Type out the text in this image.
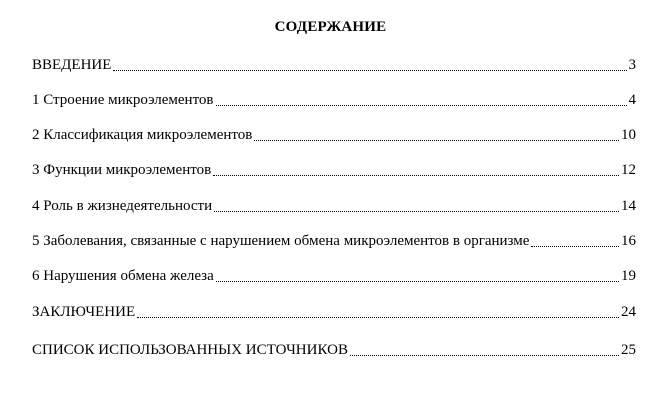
СОДЕРЖАНИЕ
ВВЕДЕНИЕ	3
1 Строение микроэлементов	4
2 Классификация микроэлементов	10
3 Функции микроэлементов	12
4 Роль в жизнедеятельности	14
5 Заболевания, связанные с нарушением обмена микроэлементов в организме	16
6 Нарушения обмена железа	19
ЗАКЛЮЧЕНИЕ	24
СПИСОК ИСПОЛЬЗОВАННЫХ ИСТОЧНИКОВ	25
